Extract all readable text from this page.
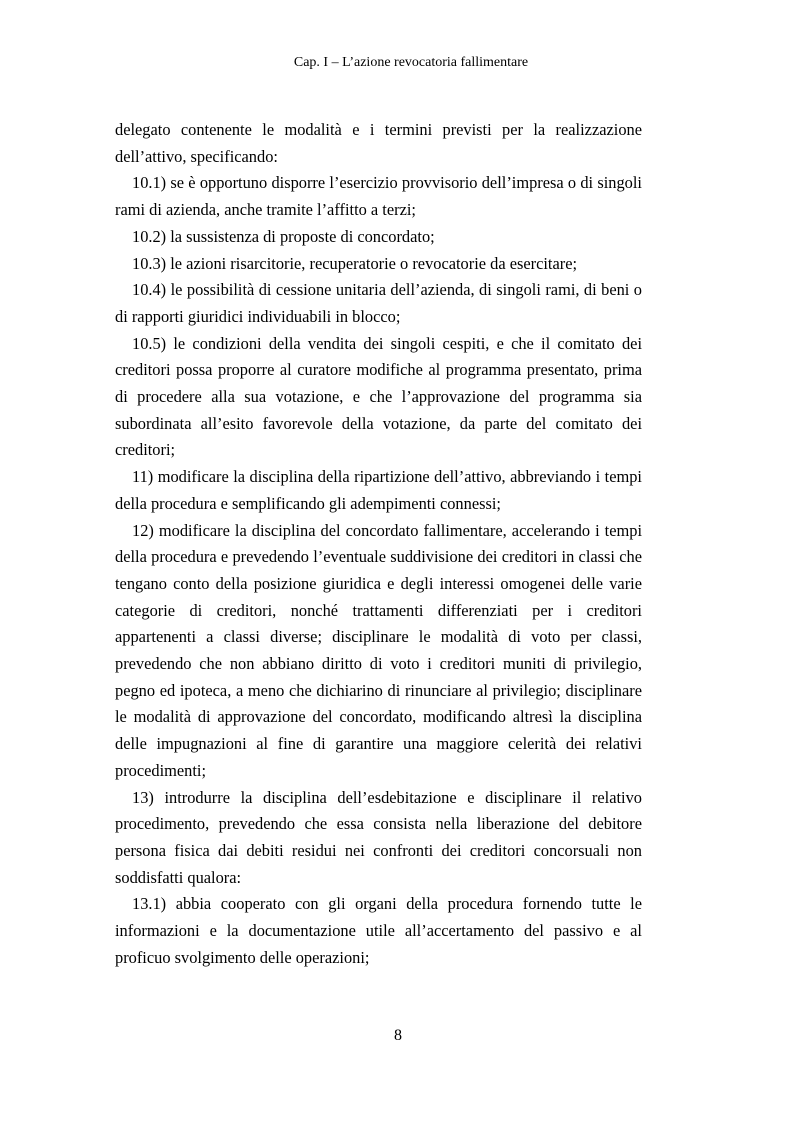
Cap. I – L’azione revocatoria fallimentare

delegato contenente le modalità e i termini previsti per la realizzazione dell’attivo, specificando:

10.1) se è opportuno disporre l’esercizio provvisorio dell’impresa o di singoli rami di azienda, anche tramite l’affitto a terzi;

10.2) la sussistenza di proposte di concordato;

10.3) le azioni risarcitorie, recuperatorie o revocatorie da esercitare;

10.4) le possibilità di cessione unitaria dell’azienda, di singoli rami, di beni o di rapporti giuridici individuabili in blocco;

10.5) le condizioni della vendita dei singoli cespiti, e che il comitato dei creditori possa proporre al curatore modifiche al programma presentato, prima di procedere alla sua votazione, e che l’approvazione del programma sia subordinata all’esito favorevole della votazione, da parte del comitato dei creditori;

11) modificare la disciplina della ripartizione dell’attivo, abbreviando i tempi della procedura e semplificando gli adempimenti connessi;

12) modificare la disciplina del concordato fallimentare, accelerando i tempi della procedura e prevedendo l’eventuale suddivisione dei creditori in classi che tengano conto della posizione giuridica e degli interessi omogenei delle varie categorie di creditori, nonché trattamenti differenziati per i creditori appartenenti a classi diverse; disciplinare le modalità di voto per classi, prevedendo che non abbiano diritto di voto i creditori muniti di privilegio, pegno ed ipoteca, a meno che dichiarino di rinunciare al privilegio; disciplinare le modalità di approvazione del concordato, modificando altresì la disciplina delle impugnazioni al fine di garantire una maggiore celerità dei relativi procedimenti;

13) introdurre la disciplina dell’esdebitazione e disciplinare il relativo procedimento, prevedendo che essa consista nella liberazione del debitore persona fisica dai debiti residui nei confronti dei creditori concorsuali non soddisfatti qualora:

13.1) abbia cooperato con gli organi della procedura fornendo tutte le informazioni e la documentazione utile all’accertamento del passivo e al proficuo svolgimento delle operazioni;

8
